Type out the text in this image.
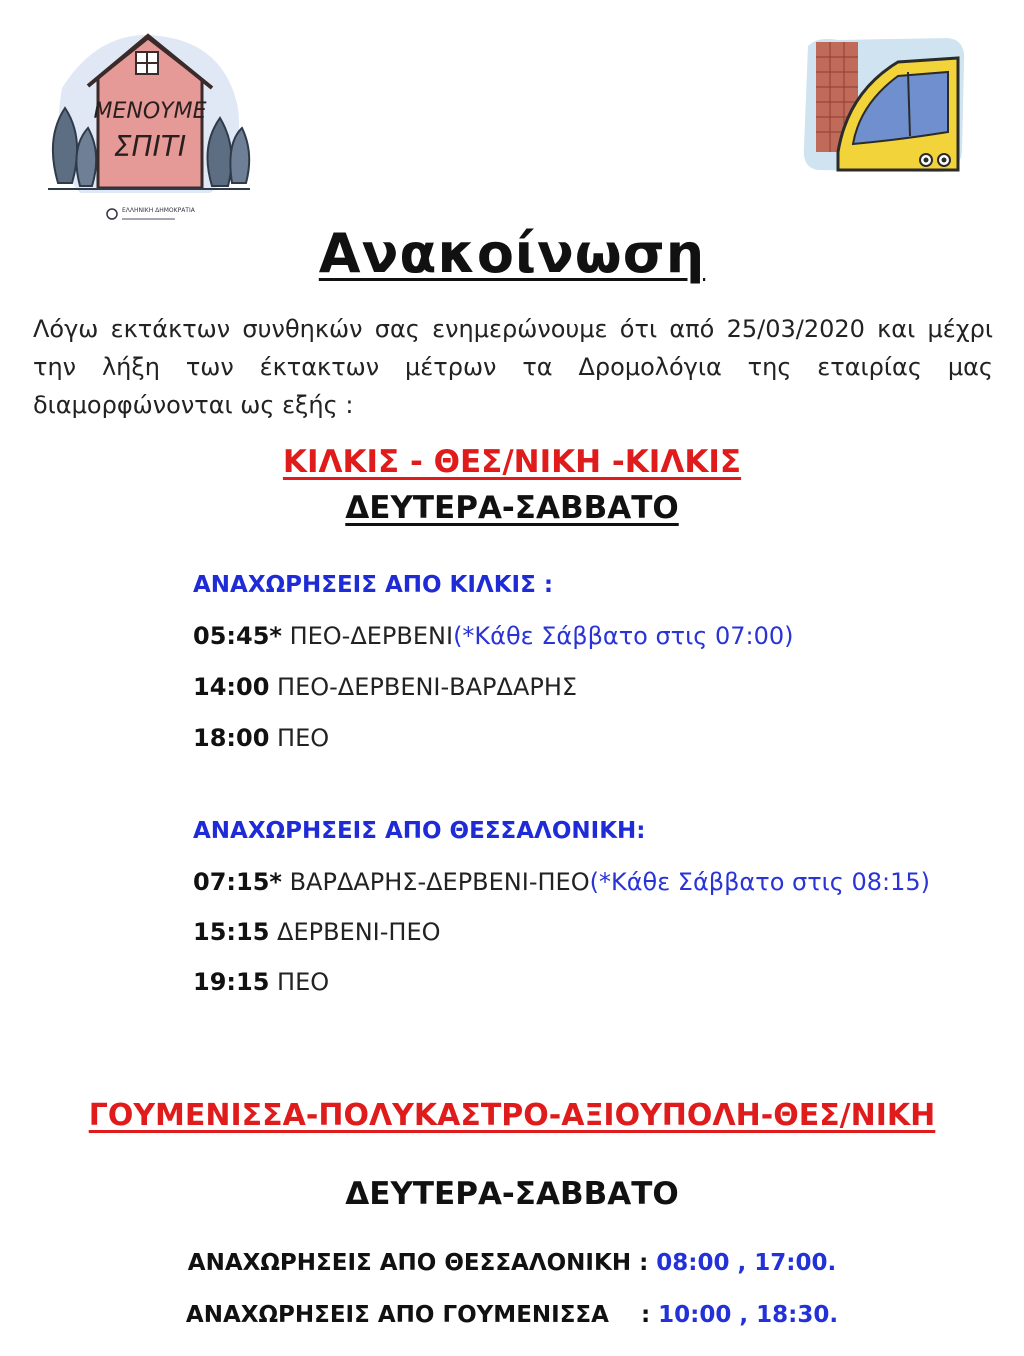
ΜΕΝΟΥΜΕ
ΣΠΙΤΙ
ΕΛΛΗΝΙΚΗ ΔΗΜΟΚΡΑΤΙΑ
Ανακοίνωση
Λόγω εκτάκτων συνθηκών σας ενημερώνουμε ότι από 25/03/2020 και μέχρι την λήξη των έκτακτων μέτρων τα Δρομολόγια της εταιρίας μας διαμορφώνονται ως εξής :
ΚΙΛΚΙΣ - ΘΕΣ/ΝΙΚΗ -ΚΙΛΚΙΣ
ΔΕΥΤΕΡΑ-ΣΑΒΒΑΤΟ
ΑΝΑΧΩΡΗΣΕΙΣ ΑΠΟ ΚΙΛΚΙΣ :
05:45* ΠΕΟ-ΔΕΡΒΕΝΙ(*Κάθε Σάββατο στις 07:00)
14:00 ΠΕΟ-ΔΕΡΒΕΝΙ-ΒΑΡΔΑΡΗΣ
18:00 ΠΕΟ
ΑΝΑΧΩΡΗΣΕΙΣ ΑΠΟ ΘΕΣΣΑΛΟΝΙΚΗ:
07:15* ΒΑΡΔΑΡΗΣ-ΔΕΡΒΕΝΙ-ΠΕΟ(*Κάθε Σάββατο στις 08:15)
15:15 ΔΕΡΒΕΝΙ-ΠΕΟ
19:15 ΠΕΟ
ΓΟΥΜΕΝΙΣΣΑ-ΠΟΛΥΚΑΣΤΡΟ-ΑΞΙΟΥΠΟΛΗ-ΘΕΣ/ΝΙΚΗ
ΔΕΥΤΕΡΑ-ΣΑΒΒΑΤΟ
ΑΝΑΧΩΡΗΣΕΙΣ ΑΠΟ ΘΕΣΣΑΛΟΝΙΚΗ : 08:00 , 17:00.
ΑΝΑΧΩΡΗΣΕΙΣ ΑΠΟ ΓΟΥΜΕΝΙΣΣΑ    : 10:00 , 18:30.
